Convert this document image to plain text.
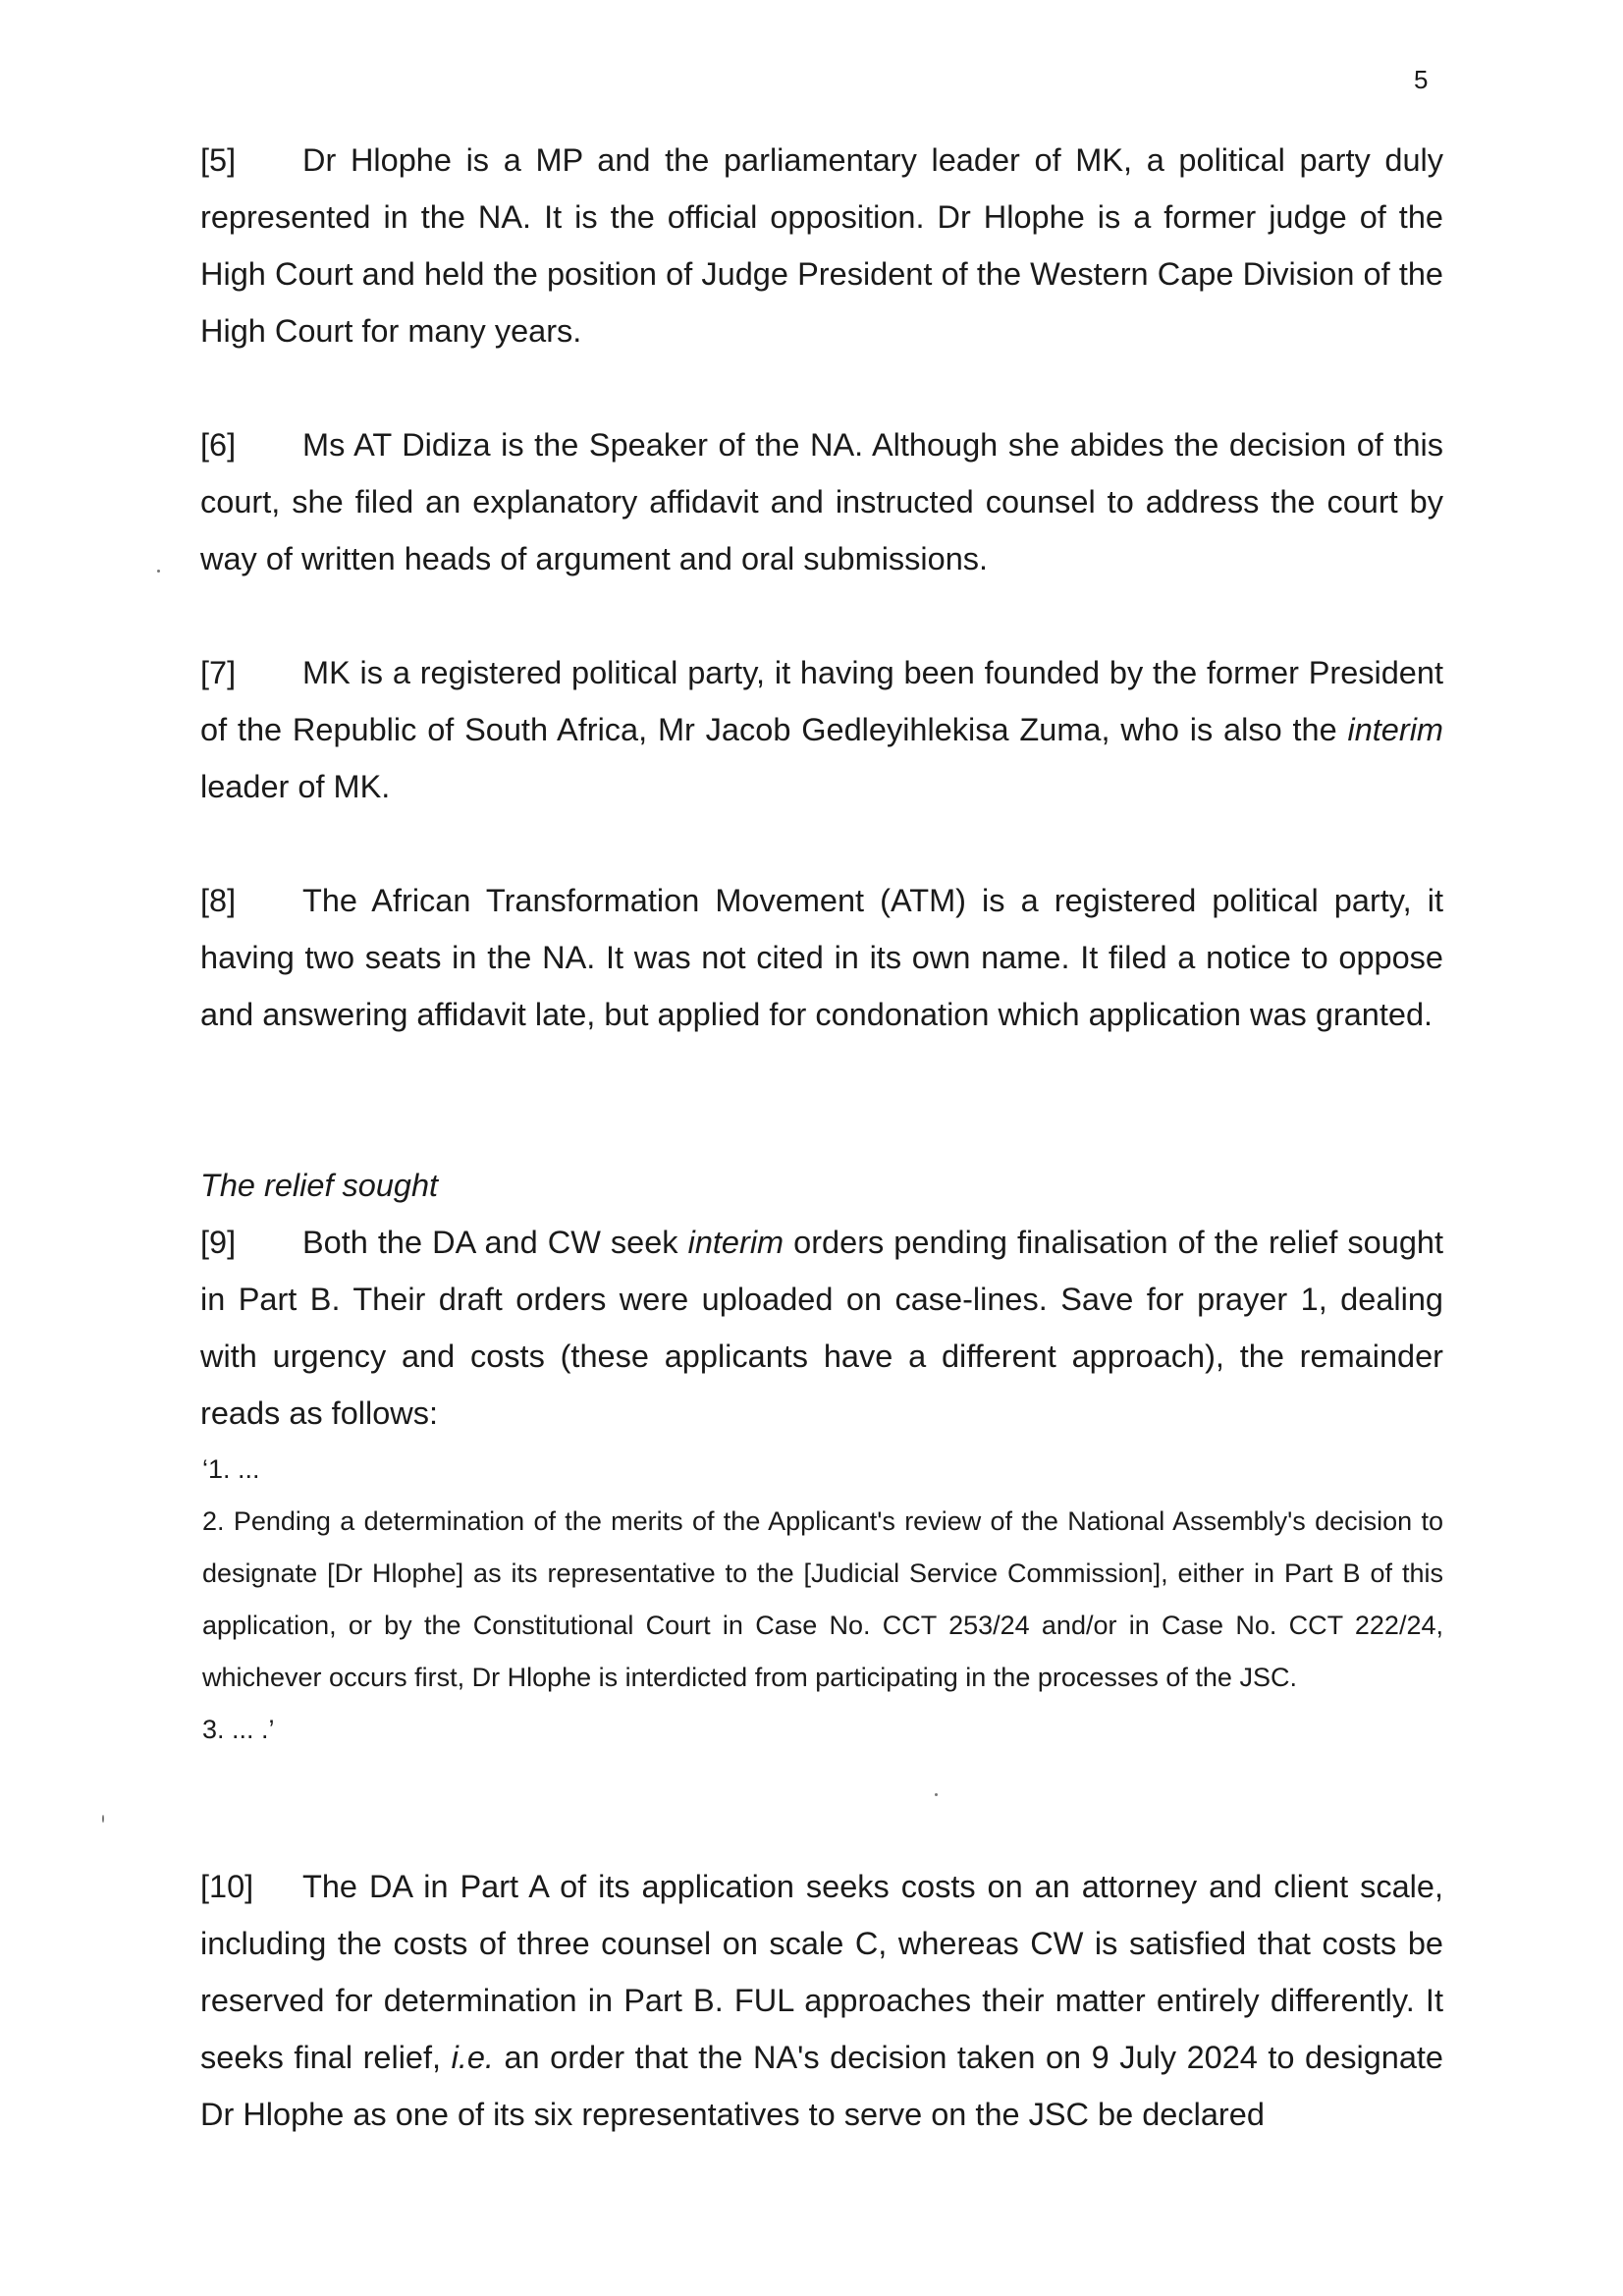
5

[5] Dr Hlophe is a MP and the parliamentary leader of MK, a political party duly represented in the NA. It is the official opposition. Dr Hlophe is a former judge of the High Court and held the position of Judge President of the Western Cape Division of the High Court for many years.

[6] Ms AT Didiza is the Speaker of the NA. Although she abides the decision of this court, she filed an explanatory affidavit and instructed counsel to address the court by way of written heads of argument and oral submissions.

[7] MK is a registered political party, it having been founded by the former President of the Republic of South Africa, Mr Jacob Gedleyihlekisa Zuma, who is also the interim leader of MK.

[8] The African Transformation Movement (ATM) is a registered political party, it having two seats in the NA. It was not cited in its own name. It filed a notice to oppose and answering affidavit late, but applied for condonation which application was granted.

The relief sought

[9] Both the DA and CW seek interim orders pending finalisation of the relief sought in Part B. Their draft orders were uploaded on case-lines. Save for prayer 1, dealing with urgency and costs (these applicants have a different approach), the remainder reads as follows:

‘1. ...

2. Pending a determination of the merits of the Applicant's review of the National Assembly's decision to designate [Dr Hlophe] as its representative to the [Judicial Service Commission], either in Part B of this application, or by the Constitutional Court in Case No. CCT 253/24 and/or in Case No. CCT 222/24, whichever occurs first, Dr Hlophe is interdicted from participating in the processes of the JSC.

3. ... .’

[10] The DA in Part A of its application seeks costs on an attorney and client scale, including the costs of three counsel on scale C, whereas CW is satisfied that costs be reserved for determination in Part B. FUL approaches their matter entirely differently. It seeks final relief, i.e. an order that the NA's decision taken on 9 July 2024 to designate Dr Hlophe as one of its six representatives to serve on the JSC be declared
